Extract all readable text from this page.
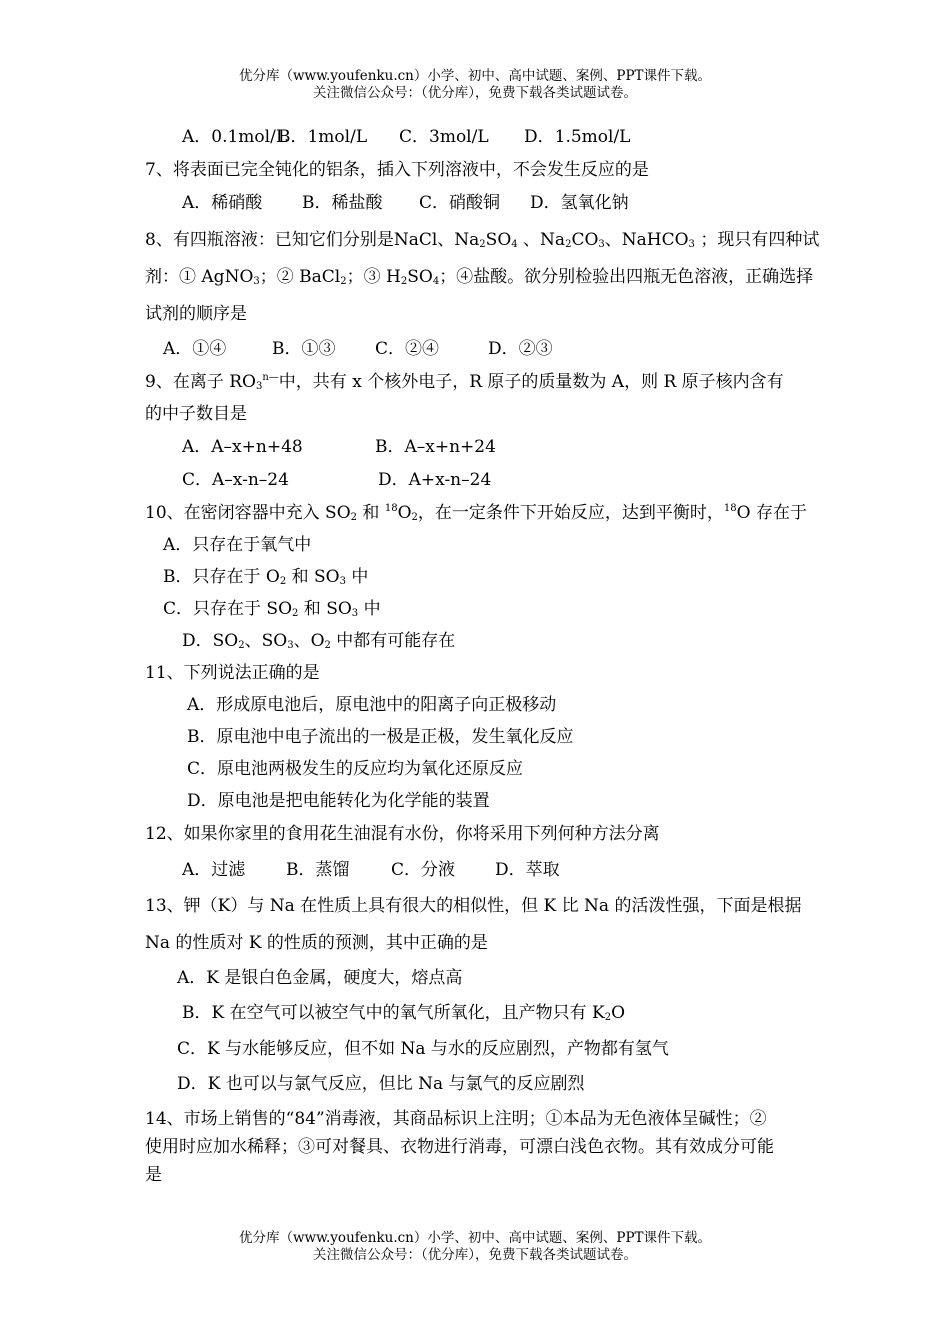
优分库（www.youfenku.cn）小学、初中、高中试题、案例、PPT课件下载。
关注微信公众号：（优分库），免费下载各类试题试卷。
A．0.1mol/LB．1mol/L C．3mol/L D．1.5mol/L
7、将表面已完全钝化的铝条，插入下列溶液中，不会发生反应的是
A．稀硝酸 B．稀盐酸 C．硝酸铜 D．氢氧化钠
8、有四瓶溶液：已知它们分别是NaCl、$Na_2SO_4$ 、$Na_2CO_3$、NaHCO$_3$ ；现只有四种试
剂：① AgNO$_3$；② BaCl$_2$；③ $H_2SO_4$；④盐酸。欲分别检验出四瓶无色溶液，正确选择
试剂的顺序是
A．①④	B．①③ C．②④	D．②③
9、在离子 $RO_3^{n—}$中，共有 x 个核外电子，R 原子的质量数为 A，则 R 原子核内含有
的中子数目是
A．A–x+n+48	B．A–x+n+24
C．A–x-n–24	D．A+x-n–24
10、在密闭容器中充入 $SO_2$ 和 $^{18}O_2$，在一定条件下开始反应，达到平衡时，$^{18}$O 存在于
A．只存在于氧气中
B．只存在于 $O_2$ 和 $SO_3$ 中
C．只存在于 $SO_2$ 和 $SO_3$ 中
D．$SO_2$、$SO_3$、$O_2$ 中都有可能存在
11、下列说法正确的是
A．形成原电池后，原电池中的阳离子向正极移动
B．原电池中电子流出的一极是正极，发生氧化反应
C．原电池两极发生的反应均为氧化还原反应
D．原电池是把电能转化为化学能的装置
12、如果你家里的食用花生油混有水份，你将采用下列何种方法分离
A．过滤 B．蒸馏 C．分液 D．萃取
13、钾（K）与 Na 在性质上具有很大的相似性，但 K 比 Na 的活泼性强，下面是根据
Na 的性质对 K 的性质的预测，其中正确的是
A．K 是银白色金属，硬度大，熔点高
B．K 在空气可以被空气中的氧气所氧化，且产物只有 $K_2O$
C．K 与水能够反应，但不如 Na 与水的反应剧烈，产物都有氢气
D．K 也可以与氯气反应，但比 Na 与氯气的反应剧烈
14、市场上销售的“84”消毒液，其商品标识上注明；①本品为无色液体呈碱性；②
使用时应加水稀释；③可对餐具、衣物进行消毒，可漂白浅色衣物。其有效成分可能
是
优分库（www.youfenku.cn）小学、初中、高中试题、案例、PPT课件下载。
关注微信公众号：（优分库），免费下载各类试题试卷。
